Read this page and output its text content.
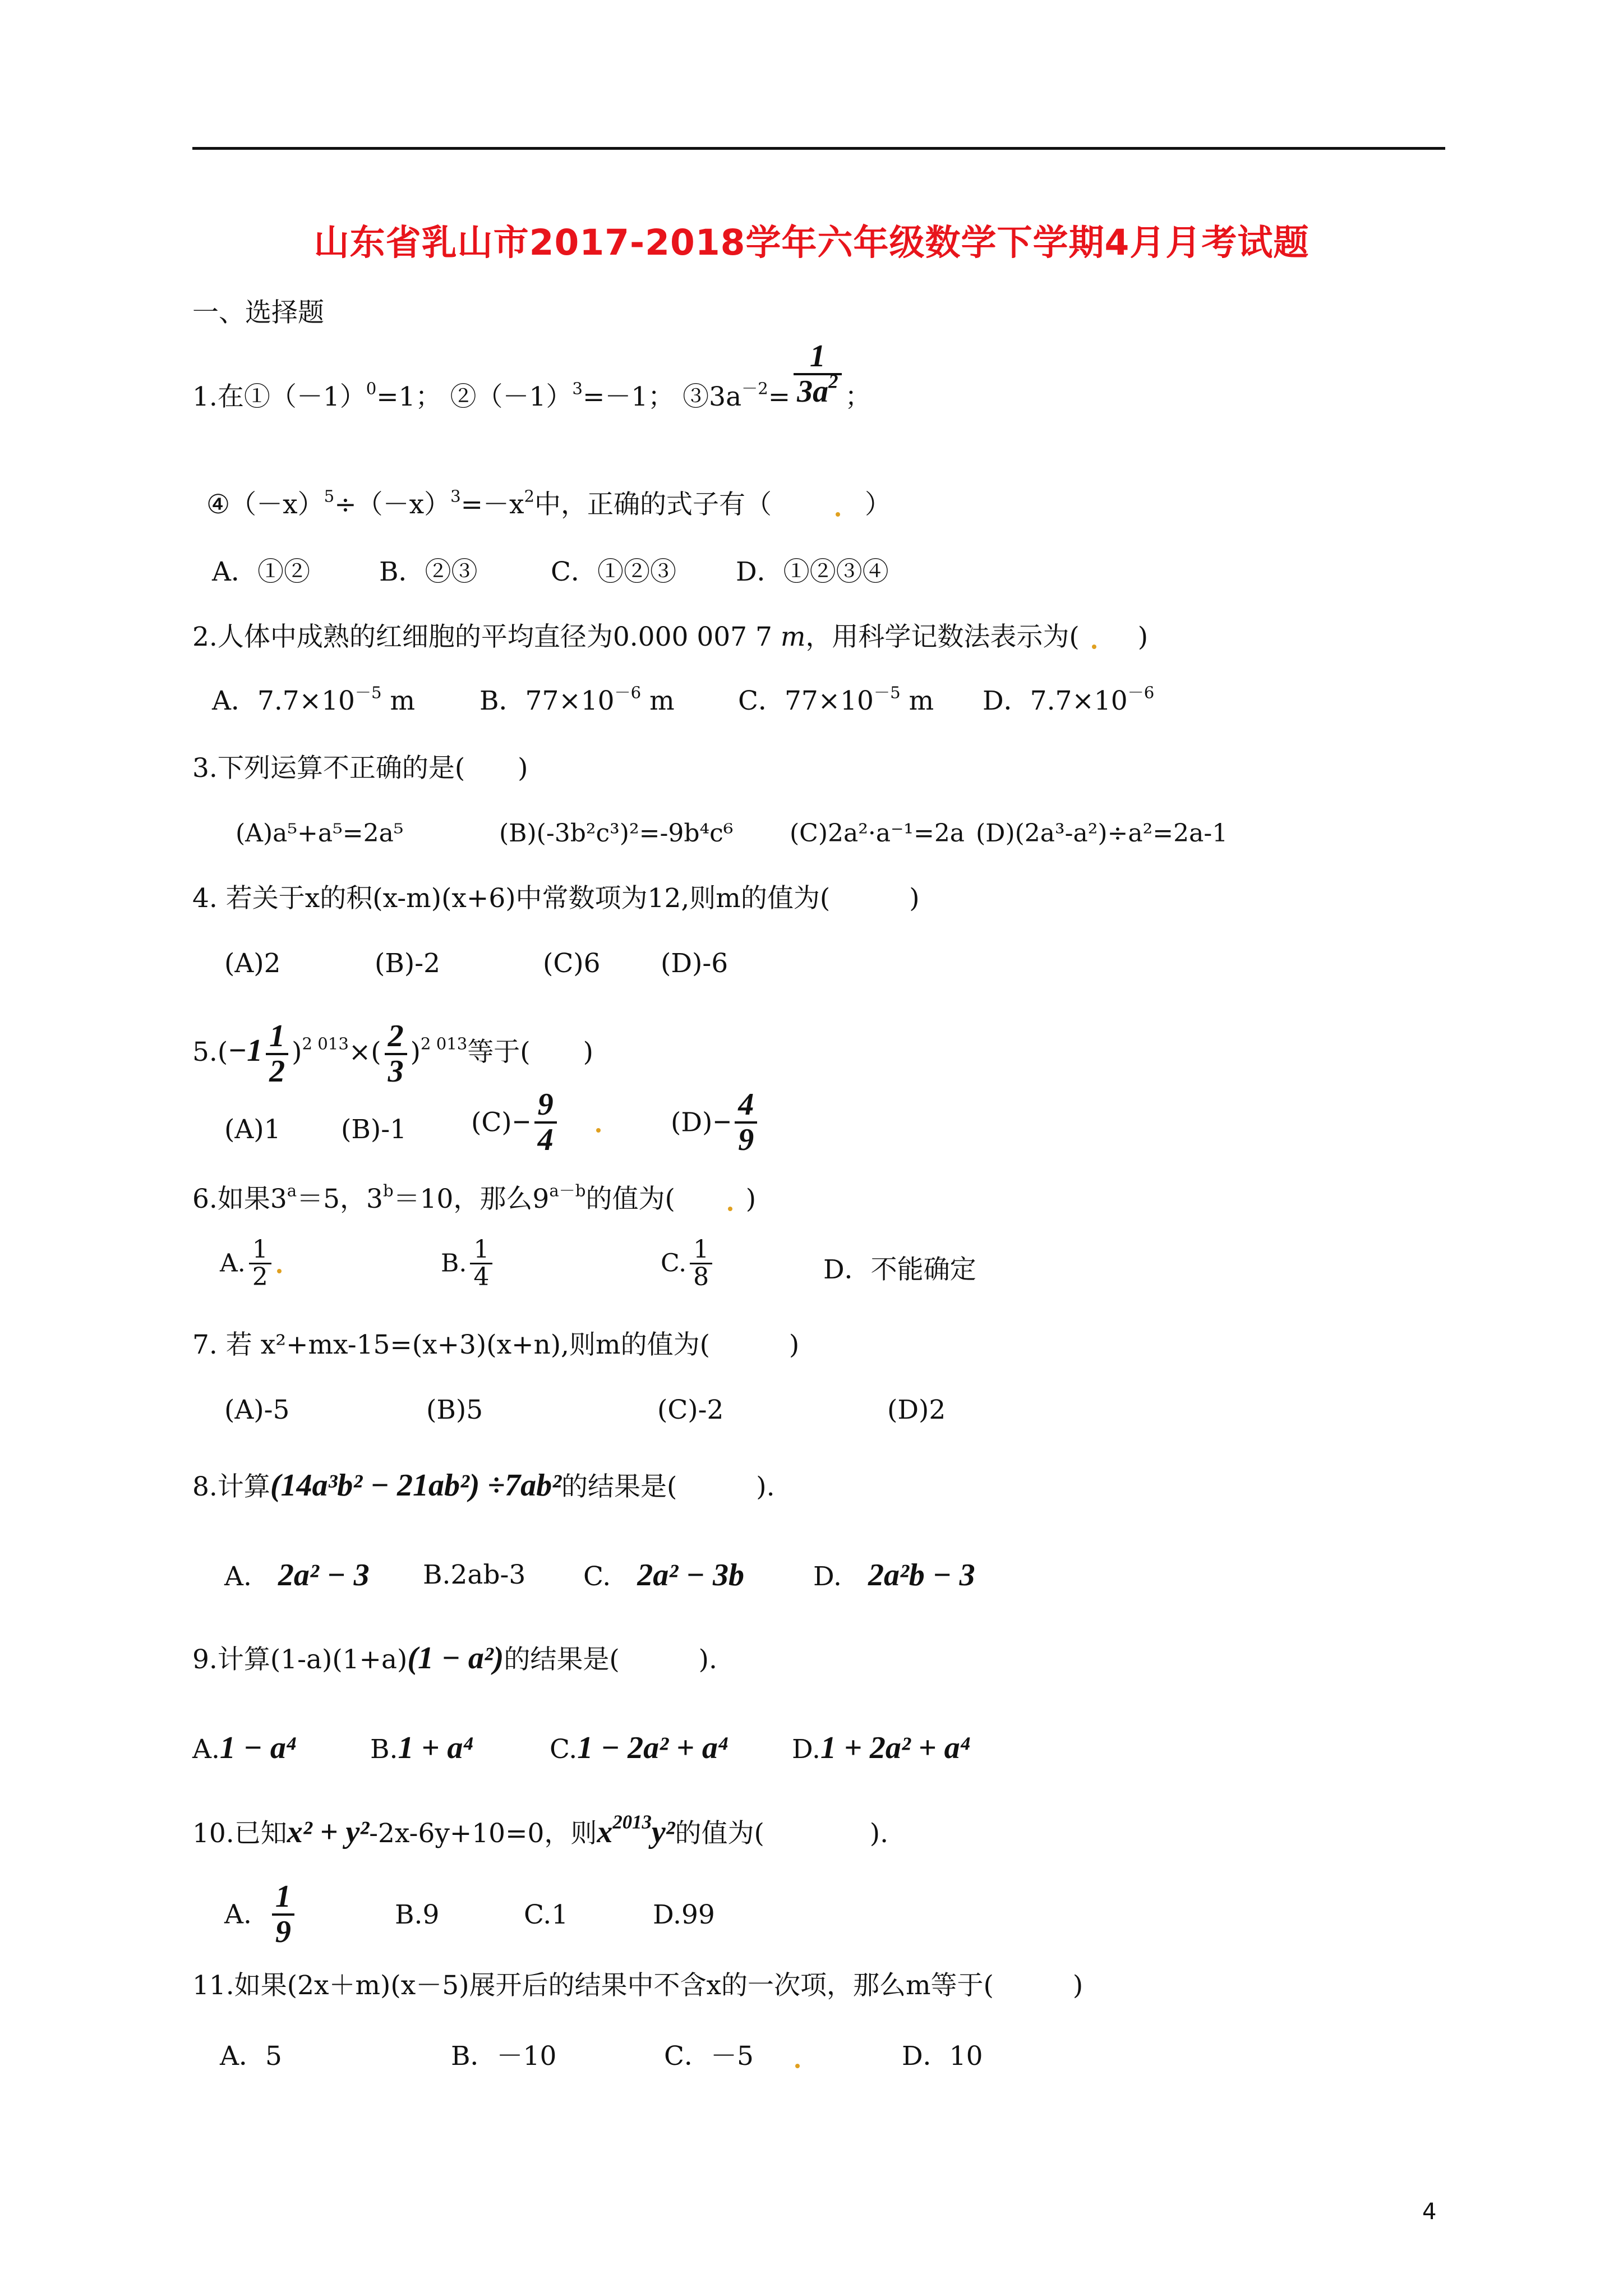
山东省乳山市2017-2018学年六年级数学下学期4月月考试题
一、选择题
1.在$①(-1)^0=1$； $②(-1)^3=-1$； $③3a^{-2}= \frac{1}{3a^2}$ ；
$④(-x)^5\div(-x)^3=-x^2$中，正确的式子有（	）
A．①②	B．②③	C．①②③ D．①②③④
2.人体中成熟的红细胞的平均直径为0.000 007 7 m，用科学记数法表示为( )
A．$7.7\times 10^{-5}$ m B．$77\times 10^{-6}$ m C．$77\times 10^{-5}$ m D．$7.7\times 10^{-6}$
3.下列运算不正确的是(　　)
(A)a⁵+a⁵=2a⁵	(B)(-3b²c³)²=-9b⁴c⁶ (C)2a²·a⁻¹=2a (D)(2a³-a²)÷a²=2a-1
4. 若关于x的积(x-m)(x+6)中常数项为12,则m的值为(　　　)
(A)2	(B)-2	(C)6 (D)-6
$5.(-1 \frac{1}{2} )^{2 013}\times( \frac{2}{3} )^{2 013}$等于(　　)
(A)1 (B)-1 $(C)- \frac{9}{4}$	$(D)- \frac{4}{9}$
6.如果$3^a=5$，$3^b=10$，那么$9^{a-b}$的值为(	)
A. $\frac{1}{2}$	B. $\frac{1}{4}$	C. $\frac{1}{8}$	D．不能确定
7. 若 x²+mx-15=(x+3)(x+n),则m的值为(　　　)
(A)-5	(B)5	(C)-2	(D)2
8.计算(14a³b² − 21ab²) ÷7ab²的结果是(　　　).
A.　 2a² − 3 B.2ab-3 C.　 2a² − 3b	D.　 2a²b − 3
9.计算(1-a)(1+a)(1 − a²)的结果是(　　　).
A.1 − a⁴	B.1 + a⁴	C.1 − 2a² + a⁴ D.1 + 2a² + a⁴
10.已知x² + y²-2x-6y+10=0，则$x^{2013}y^2$的值为(　　　　).
A. $\frac{1}{9}$	B.9	C.1	D.99
11.如果(2x＋m)(x－5)展开后的结果中不含x的一次项，那么m等于(　　　)
A．5	B．－10	C．－5	D．10
4
